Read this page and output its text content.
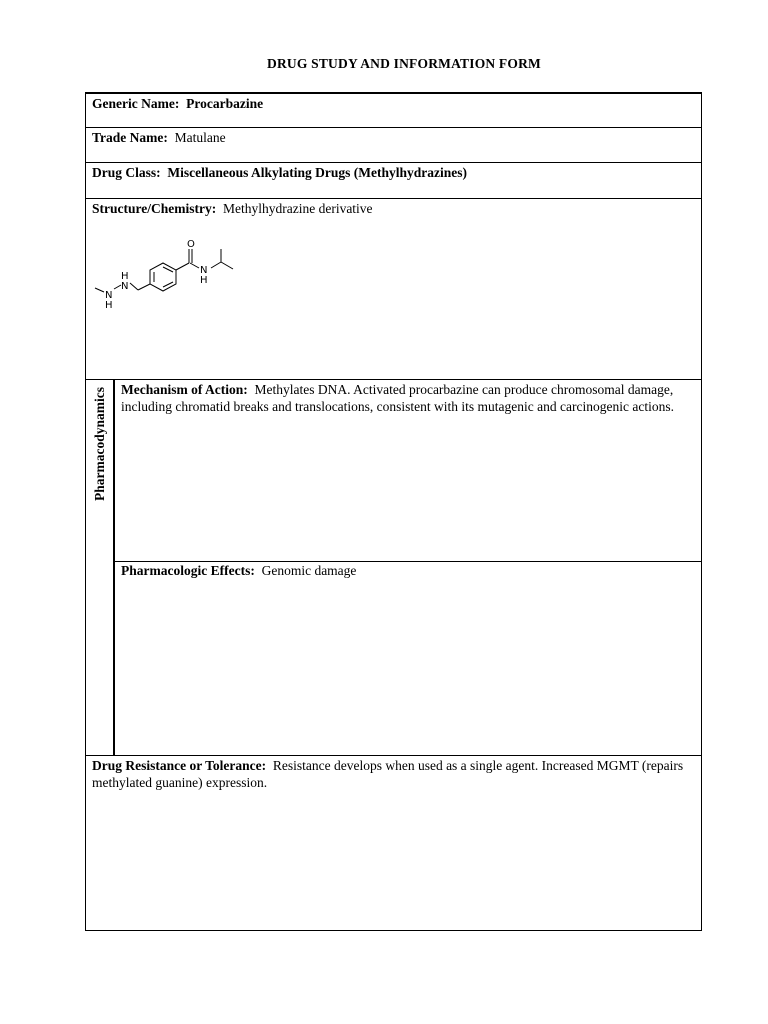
DRUG STUDY AND INFORMATION FORM
Generic Name: Procarbazine
Trade Name: Matulane
Drug Class: Miscellaneous Alkylating Drugs (Methylhydrazines)
Structure/Chemistry: Methylhydrazine derivative
H
N
N
H
O
N
H
Pharmacodynamics Mechanism of Action: Methylates DNA. Activated procarbazine can produce chromosomal damage, including chromatid breaks and translocations, consistent with its mutagenic and carcinogenic actions.
Pharmacologic Effects: Genomic damage
Drug Resistance or Tolerance: Resistance develops when used as a single agent. Increased MGMT (repairs methylated guanine) expression.
